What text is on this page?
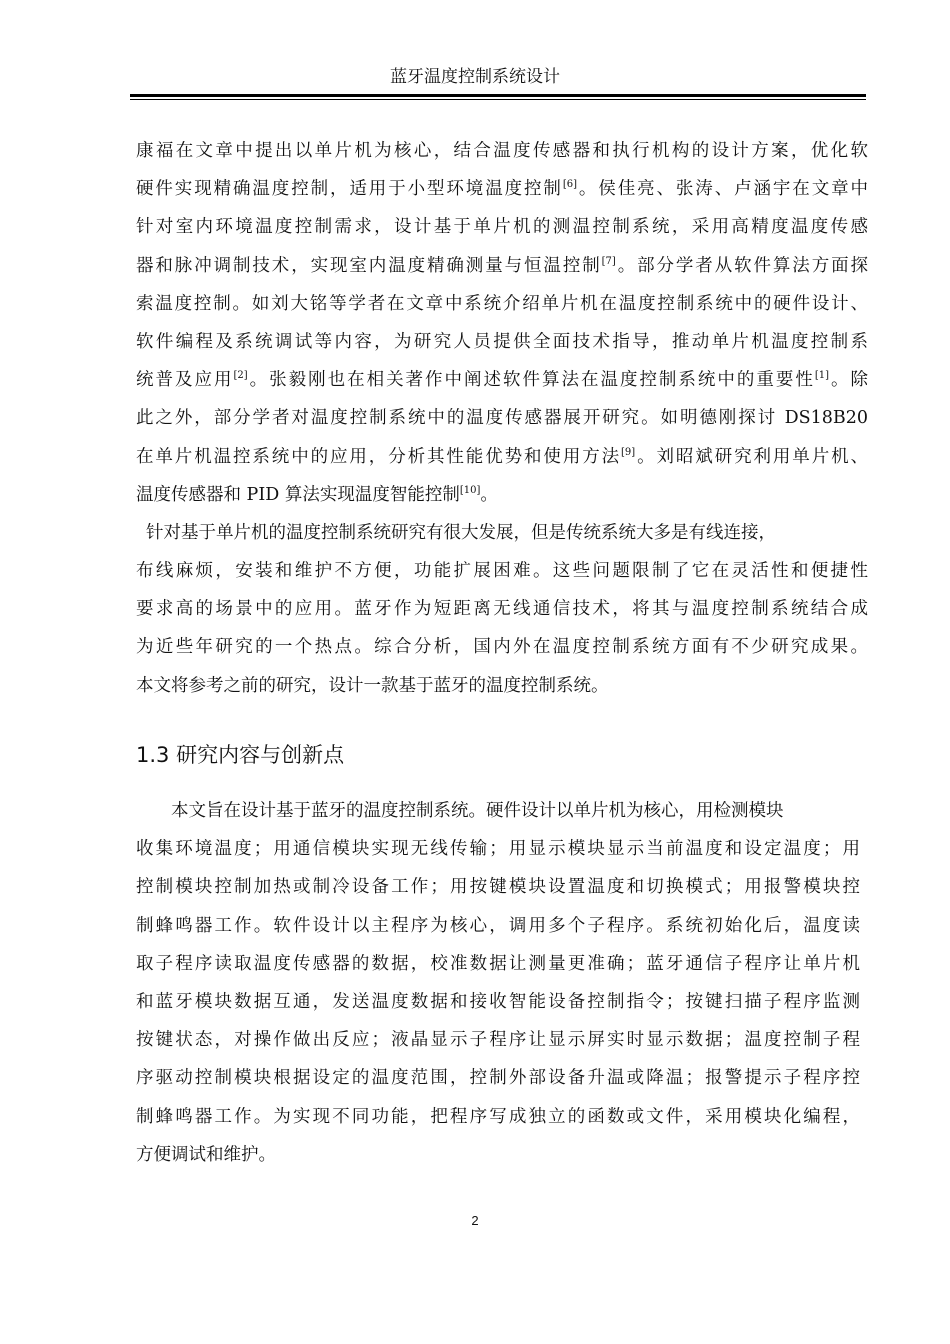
蓝牙温度控制系统设计
康福在文章中提出以单片机为核心，结合温度传感器和执行机构的设计方案，优化软
硬件实现精确温度控制，适用于小型环境温度控制[6]。侯佳亮、张涛、卢涵宇在文章中
针对室内环境温度控制需求，设计基于单片机的测温控制系统，采用高精度温度传感
器和脉冲调制技术，实现室内温度精确测量与恒温控制[7]。部分学者从软件算法方面探
索温度控制。如刘大铭等学者在文章中系统介绍单片机在温度控制系统中的硬件设计、
软件编程及系统调试等内容，为研究人员提供全面技术指导，推动单片机温度控制系
统普及应用[2]。张毅刚也在相关著作中阐述软件算法在温度控制系统中的重要性[1]。除
此之外，部分学者对温度控制系统中的温度传感器展开研究。如明德刚探讨 DS18B20
在单片机温控系统中的应用，分析其性能优势和使用方法[9]。刘昭斌研究利用单片机、
温度传感器和 PID 算法实现温度智能控制[10]。
针对基于单片机的温度控制系统研究有很大发展，但是传统系统大多是有线连接，
布线麻烦，安装和维护不方便，功能扩展困难。这些问题限制了它在灵活性和便捷性
要求高的场景中的应用。蓝牙作为短距离无线通信技术，将其与温度控制系统结合成
为近些年研究的一个热点。综合分析，国内外在温度控制系统方面有不少研究成果。
本文将参考之前的研究，设计一款基于蓝牙的温度控制系统。
1.3 研究内容与创新点
本文旨在设计基于蓝牙的温度控制系统。硬件设计以单片机为核心，用检测模块
收集环境温度；用通信模块实现无线传输；用显示模块显示当前温度和设定温度；用
控制模块控制加热或制冷设备工作；用按键模块设置温度和切换模式；用报警模块控
制蜂鸣器工作。软件设计以主程序为核心，调用多个子程序。系统初始化后，温度读
取子程序读取温度传感器的数据，校准数据让测量更准确；蓝牙通信子程序让单片机
和蓝牙模块数据互通，发送温度数据和接收智能设备控制指令；按键扫描子程序监测
按键状态，对操作做出反应；液晶显示子程序让显示屏实时显示数据；温度控制子程
序驱动控制模块根据设定的温度范围，控制外部设备升温或降温；报警提示子程序控
制蜂鸣器工作。为实现不同功能，把程序写成独立的函数或文件，采用模块化编程，
方便调试和维护。
2
